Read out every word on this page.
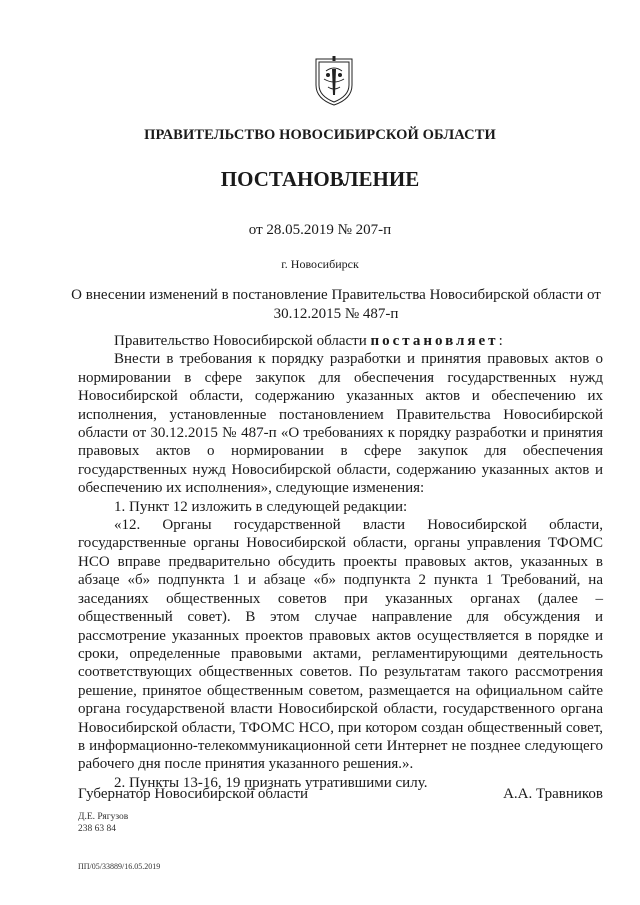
ПРАВИТЕЛЬСТВО НОВОСИБИРСКОЙ ОБЛАСТИ
ПОСТАНОВЛЕНИЕ
от 28.05.2019 № 207-п
г. Новосибирск
О внесении изменений в постановление Правительства Новосибирской области от 30.12.2015 № 487-п

Правительство Новосибирской области постановляет:

Внести в требования к порядку разработки и принятия правовых актов о нормировании в сфере закупок для обеспечения государственных нужд Новосибирской области, содержанию указанных актов и обеспечению их исполнения, установленные постановлением Правительства Новосибирской области от 30.12.2015 № 487-п «О требованиях к порядку разработки и принятия правовых актов о нормировании в сфере закупок для обеспечения государственных нужд Новосибирской области, содержанию указанных актов и обеспечению их исполнения», следующие изменения:

1. Пункт 12 изложить в следующей редакции:

«12. Органы государственной власти Новосибирской области, государственные органы Новосибирской области, органы управления ТФОМС НСО вправе предварительно обсудить проекты правовых актов, указанных в абзаце «б» подпункта 1 и абзаце «б» подпункта 2 пункта 1 Требований, на заседаниях общественных советов при указанных органах (далее – общественный совет). В этом случае направление для обсуждения и рассмотрение указанных проектов правовых актов осуществляется в порядке и сроки, определенные правовыми актами, регламентирующими деятельность соответствующих общественных советов. По результатам такого рассмотрения решение, принятое общественным советом, размещается на официальном сайте органа государственой власти Новосибирской области, государственного органа Новосибирской области, ТФОМС НСО, при котором создан общественный совет, в информационно-телекоммуникационной сети Интернет не позднее следующего рабочего дня после принятия указанного решения.».

2. Пункты 13-16, 19 признать утратившими силу.

Губернатор Новосибирской области	А.А. Травников
Д.Е. Рягузов
238 63 84
ПП/05/33889/16.05.2019
